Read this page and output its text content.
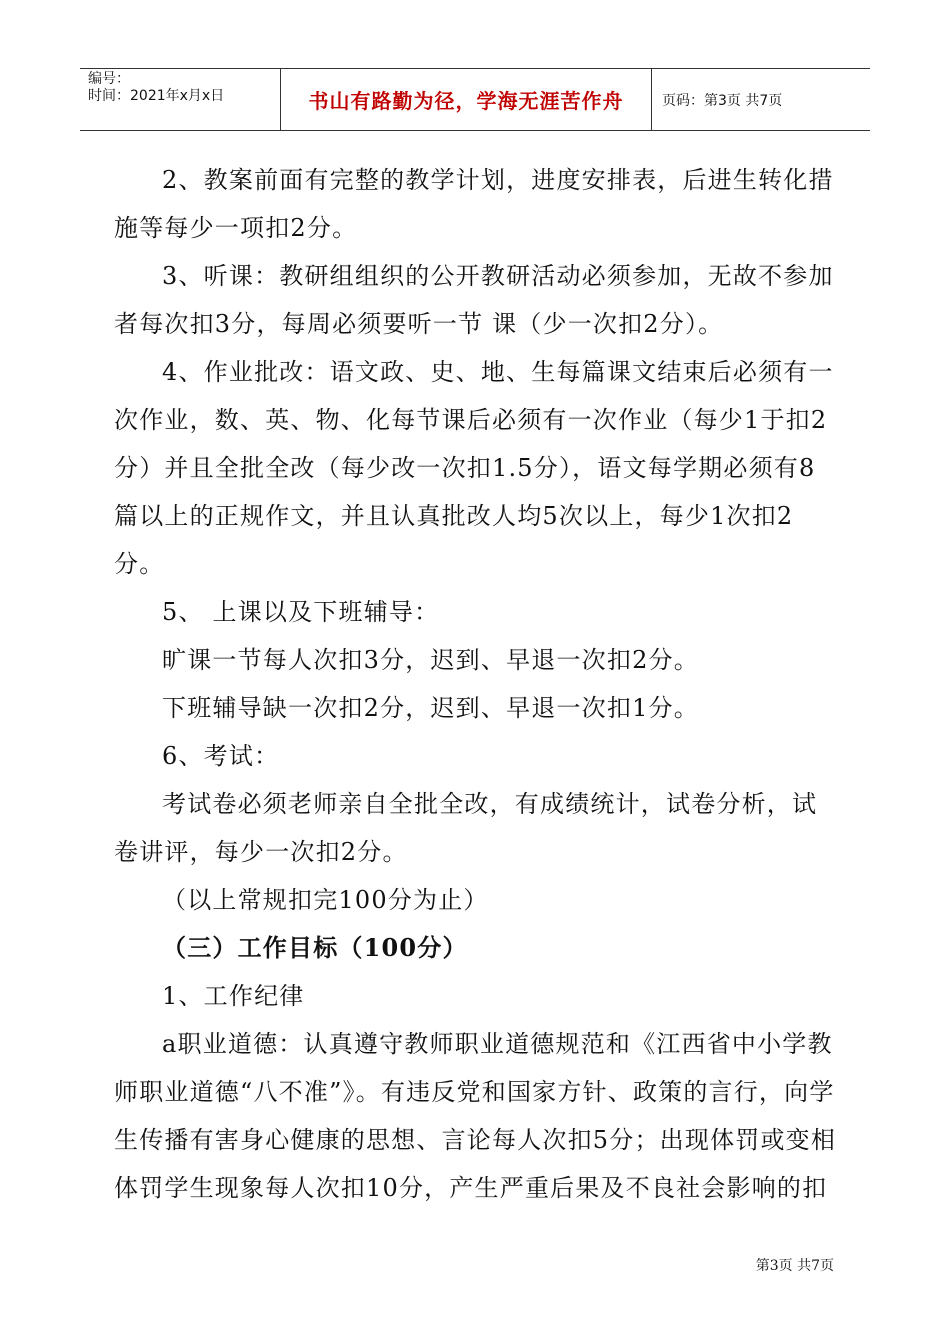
编号：
时间：2021年x月x日	书山有路勤为径，学海无涯苦作舟	页码：第3页 共7页

2、教案前面有完整的教学计划，进度安排表，后进生转化措施等每少一项扣2分。

3、听课：教研组组织的公开教研活动必须参加，无故不参加者每次扣3分，每周必须要听一节 课（少一次扣2分）。

4、作业批改：语文政、史、地、生每篇课文结束后必须有一次作业，数、英、物、化每节课后必须有一次作业（每少1于扣2分）并且全批全改（每少改一次扣1.5分），语文每学期必须有8篇以上的正规作文，并且认真批改人均5次以上，每少1次扣2分。

5、 上课以及下班辅导：

旷课一节每人次扣3分，迟到、早退一次扣2分。

下班辅导缺一次扣2分，迟到、早退一次扣1分。

6、考试：

考试卷必须老师亲自全批全改，有成绩统计，试卷分析，试卷讲评，每少一次扣2分。

（以上常规扣完100分为止）

（三）工作目标（100分）

1、工作纪律

a职业道德：认真遵守教师职业道德规范和《江西省中小学教师职业道德“八不准”》。有违反党和国家方针、政策的言行，向学生传播有害身心健康的思想、言论每人次扣5分；出现体罚或变相体罚学生现象每人次扣10分，产生严重后果及不良社会影响的扣

第3页 共7页
